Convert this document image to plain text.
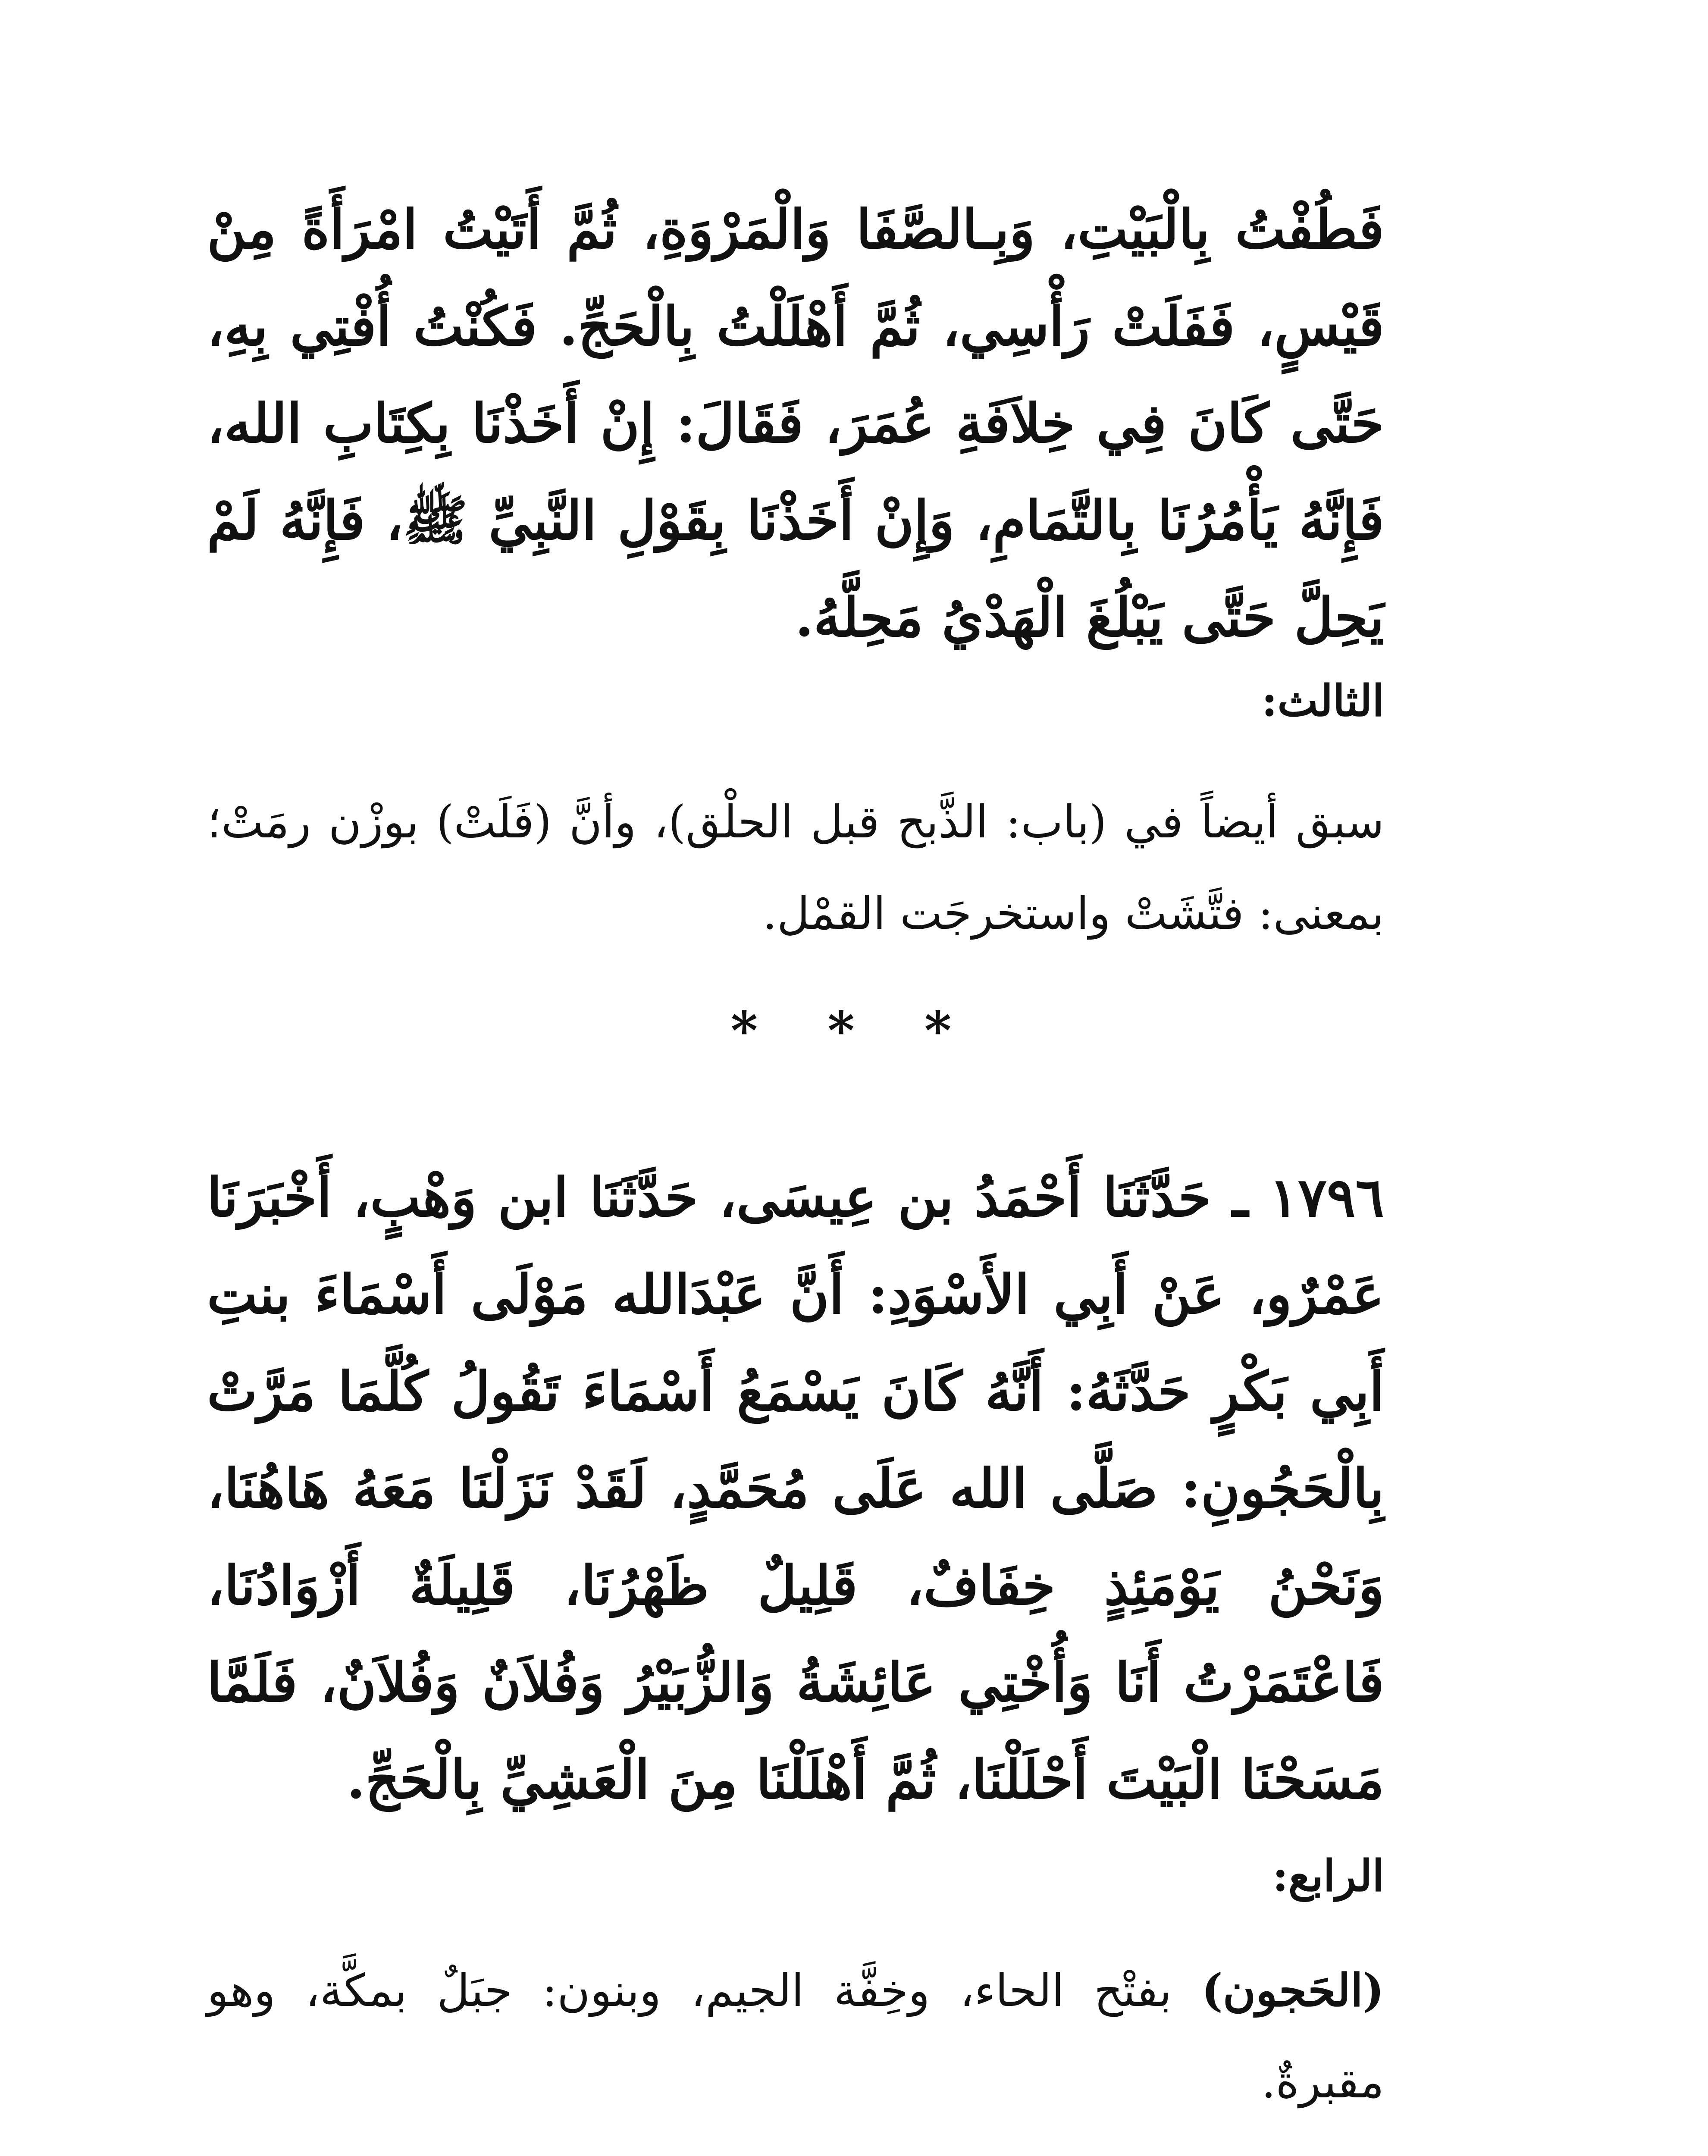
فَطُفْتُ بِالْبَيْتِ، وَبِـالصَّفَا وَالْمَرْوَةِ، ثُمَّ أَتَيْتُ امْرَأَةً مِنْ قَيْسٍ، فَفَلَتْ رَأْسِي، ثُمَّ أَهْلَلْتُ بِالْحَجِّ. فَكُنْتُ أُفْتِي بِهِ، حَتَّى كَانَ فِي خِلاَفَةِ عُمَرَ، فَقَالَ: إِنْ أَخَذْنَا بِكِتَابِ الله، فَإِنَّهُ يَأْمُرُنَا بِالتَّمَامِ، وَإِنْ أَخَذْنَا بِقَوْلِ النَّبِيِّ ﷺ، فَإِنَّهُ لَمْ يَحِلَّ حَتَّى يَبْلُغَ الْهَدْيُ مَحِلَّهُ.
الثالث:
سبق أيضاً في (باب: الذَّبح قبل الحلْق)، وأنَّ (فَلَتْ) بوزْن رمَتْ؛ بمعنى: فتَّشَتْ واستخرجَت القمْل.
* * *
١٧٩٦ ـ حَدَّثَنَا أَحْمَدُ بن عِيسَى، حَدَّثَنَا ابن وَهْبٍ، أَخْبَرَنَا عَمْرٌو، عَنْ أَبِي الأَسْوَدِ: أَنَّ عَبْدَالله مَوْلَى أَسْمَاءَ بنتِ أَبِي بَكْرٍ حَدَّثَهُ: أَنَّهُ كَانَ يَسْمَعُ أَسْمَاءَ تَقُولُ كُلَّمَا مَرَّتْ بِالْحَجُونِ: صَلَّى الله عَلَى مُحَمَّدٍ، لَقَدْ نَزَلْنَا مَعَهُ هَاهُنَا، وَنَحْنُ يَوْمَئِذٍ خِفَافٌ، قَلِيلٌ ظَهْرُنَا، قَلِيلَةٌ أَزْوَادُنَا، فَاعْتَمَرْتُ أَنَا وَأُخْتِي عَائِشَةُ وَالزُّبَيْرُ وَفُلاَنٌ وَفُلاَنٌ، فَلَمَّا مَسَحْنَا الْبَيْتَ أَحْلَلْنَا، ثُمَّ أَهْلَلْنَا مِنَ الْعَشِيِّ بِالْحَجِّ.
الرابع:
(الحَجون) بفتْح الحاء، وخِفَّة الجيم، وبنون: جبَلٌ بمكَّة، وهو مقبرةٌ.
